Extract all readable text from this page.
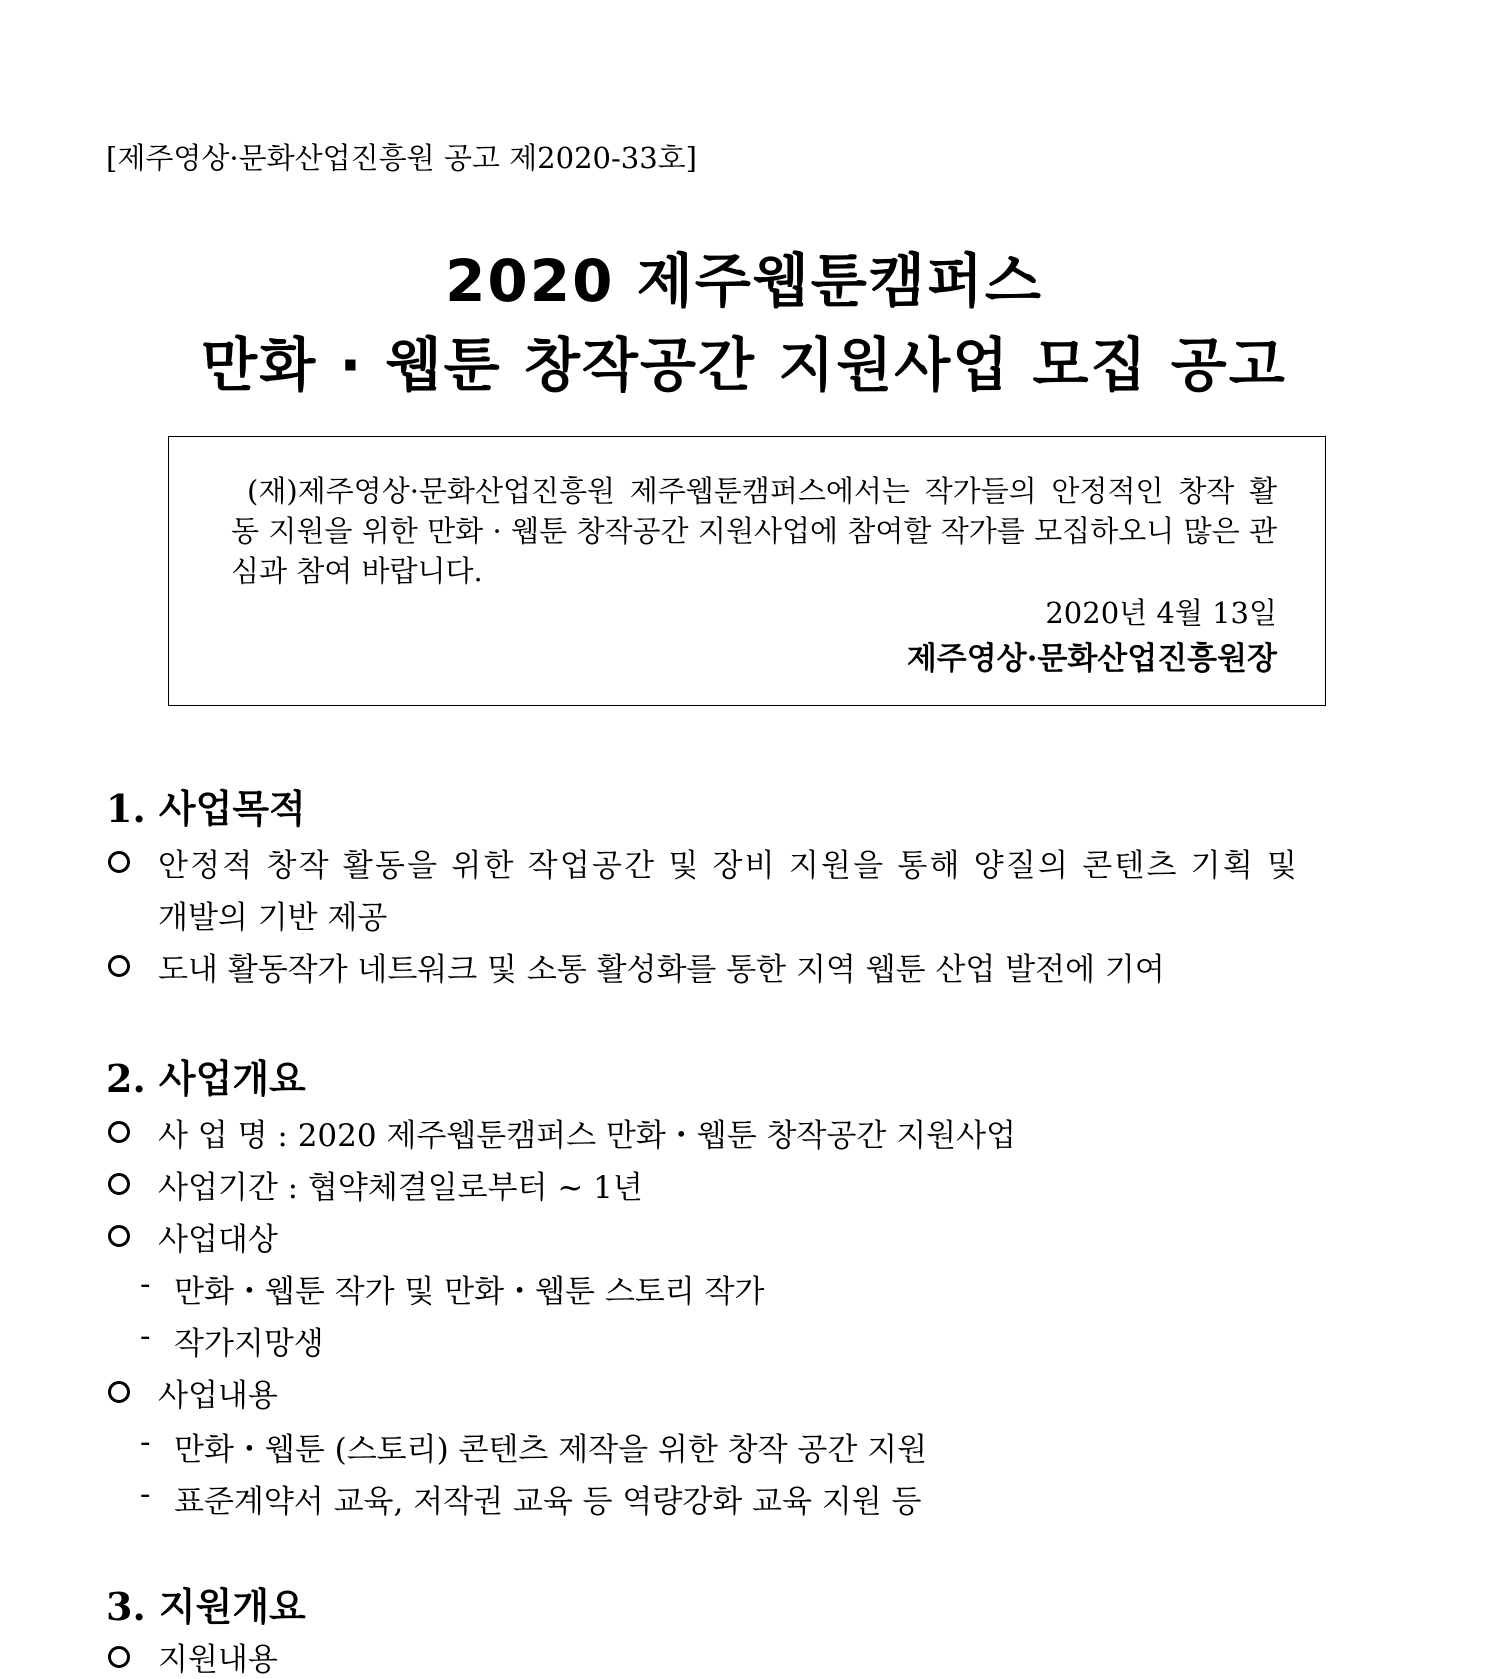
[제주영상·문화산업진흥원 공고 제2020-33호]
2020 제주웹툰캠퍼스
만화 · 웹툰 창작공간 지원사업 모집 공고
(재)제주영상·문화산업진흥원 제주웹툰캠퍼스에서는 작가들의 안정적인 창작 활동 지원을 위한 만화 · 웹툰 창작공간 지원사업에 참여할 작가를 모집하오니 많은 관심과 참여 바랍니다.
2020년 4월 13일
제주영상·문화산업진흥원장
1. 사업목적
안정적 창작 활동을 위한 작업공간 및 장비 지원을 통해 양질의 콘텐츠 기획 및
개발의 기반 제공
도내 활동작가 네트워크 및 소통 활성화를 통한 지역 웹툰 산업 발전에 기여
2. 사업개요
사 업 명 : 2020 제주웹툰캠퍼스 만화・웹툰 창작공간 지원사업
사업기간 : 협약체결일로부터 ~ 1년
사업대상
- 만화・웹툰 작가 및 만화・웹툰 스토리 작가
- 작가지망생
사업내용
- 만화・웹툰 (스토리) 콘텐츠 제작을 위한 창작 공간 지원
- 표준계약서 교육, 저작권 교육 등 역량강화 교육 지원 등
3. 지원개요
지원내용
